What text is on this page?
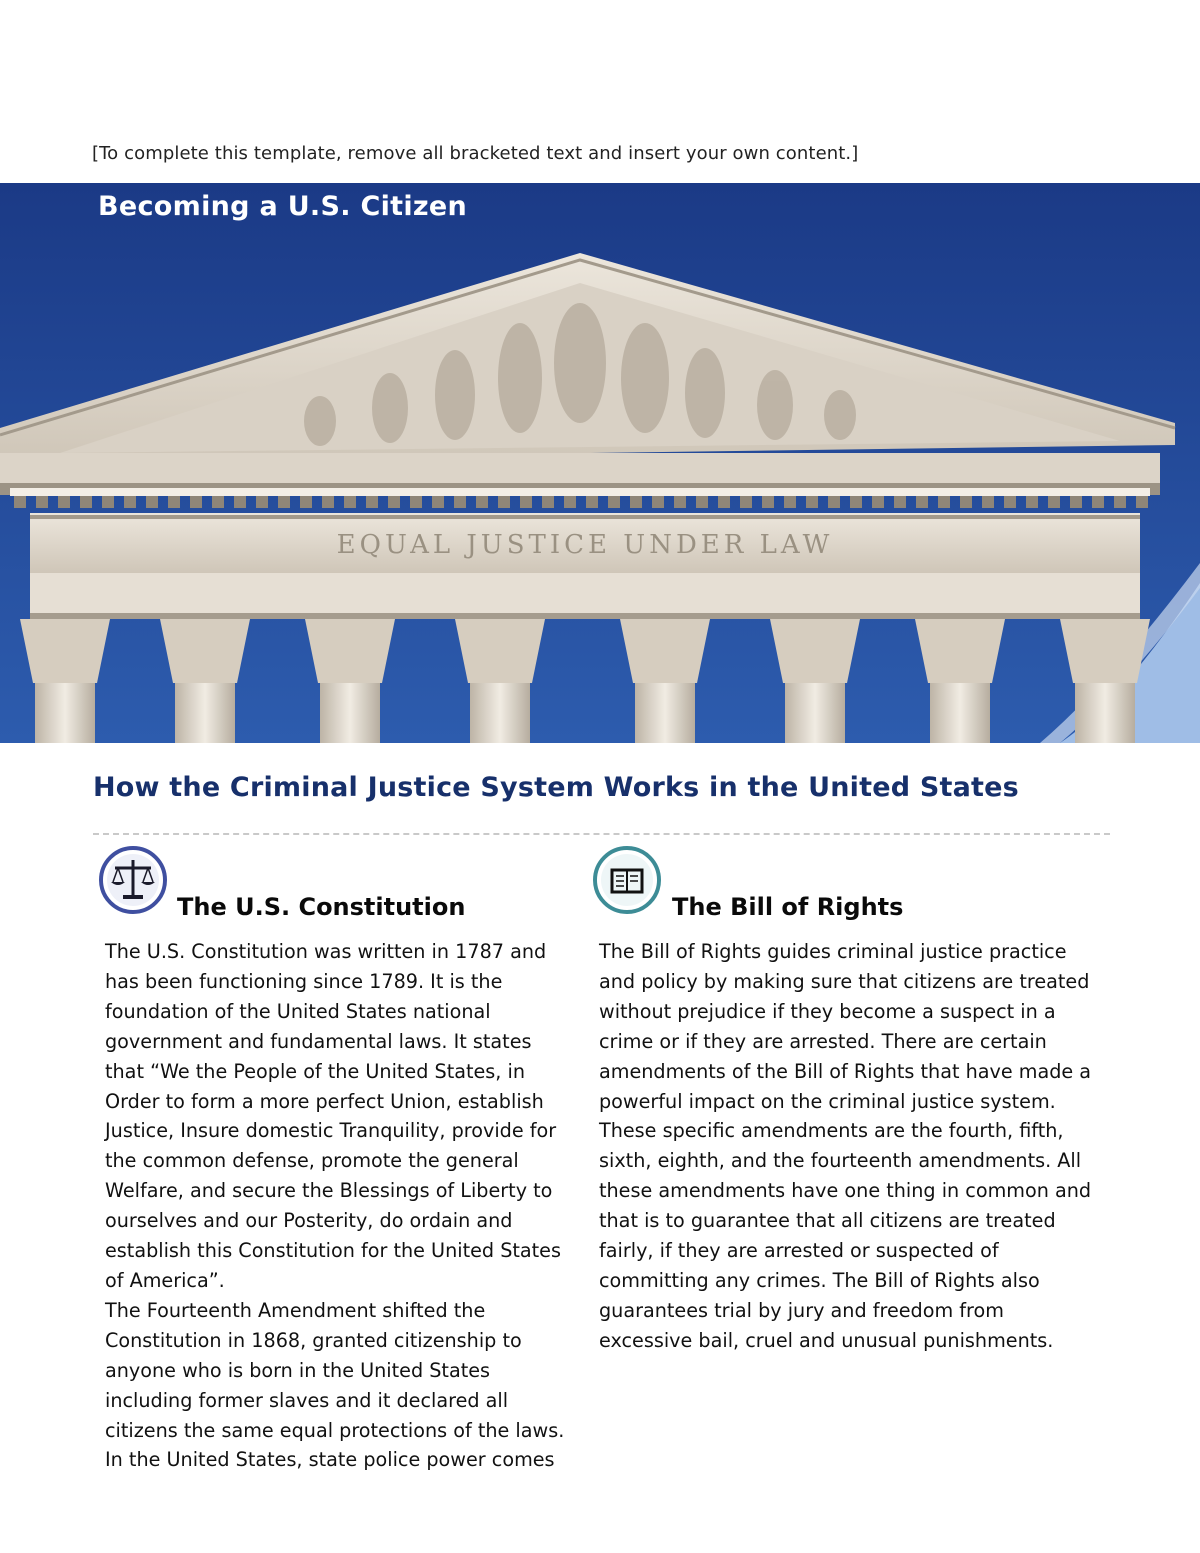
[To complete this template, remove all bracketed text and insert your own content.]
EQUAL JUSTICE UNDER LAW
Becoming a U.S. Citizen
How the Criminal Justice System Works in the United States
The U.S. Constitution	The Bill of Rights

The U.S. Constitution was written in 1787 and has been functioning since 1789. It is the foundation of the United States national government and fundamental laws. It states that “We the People of the United States, in Order to form a more perfect Union, establish Justice, Insure domestic Tranquility, provide for the common defense, promote the general Welfare, and secure the Blessings of Liberty to ourselves and our Posterity, do ordain and establish this Constitution for the United States of America”.

The Fourteenth Amendment shifted the Constitution in 1868, granted citizenship to anyone who is born in the United States including former slaves and it declared all citizens the same equal protections of the laws. In the United States, state police power comes

The Bill of Rights guides criminal justice practice and policy by making sure that citizens are treated without prejudice if they become a suspect in a crime or if they are arrested. There are certain amendments of the Bill of Rights that have made a powerful impact on the criminal justice system. These specific amendments are the fourth, fifth, sixth, eighth, and the fourteenth amendments. All these amendments have one thing in common and that is to guarantee that all citizens are treated fairly, if they are arrested or suspected of committing any crimes. The Bill of Rights also guarantees trial by jury and freedom from excessive bail, cruel and unusual punishments.
